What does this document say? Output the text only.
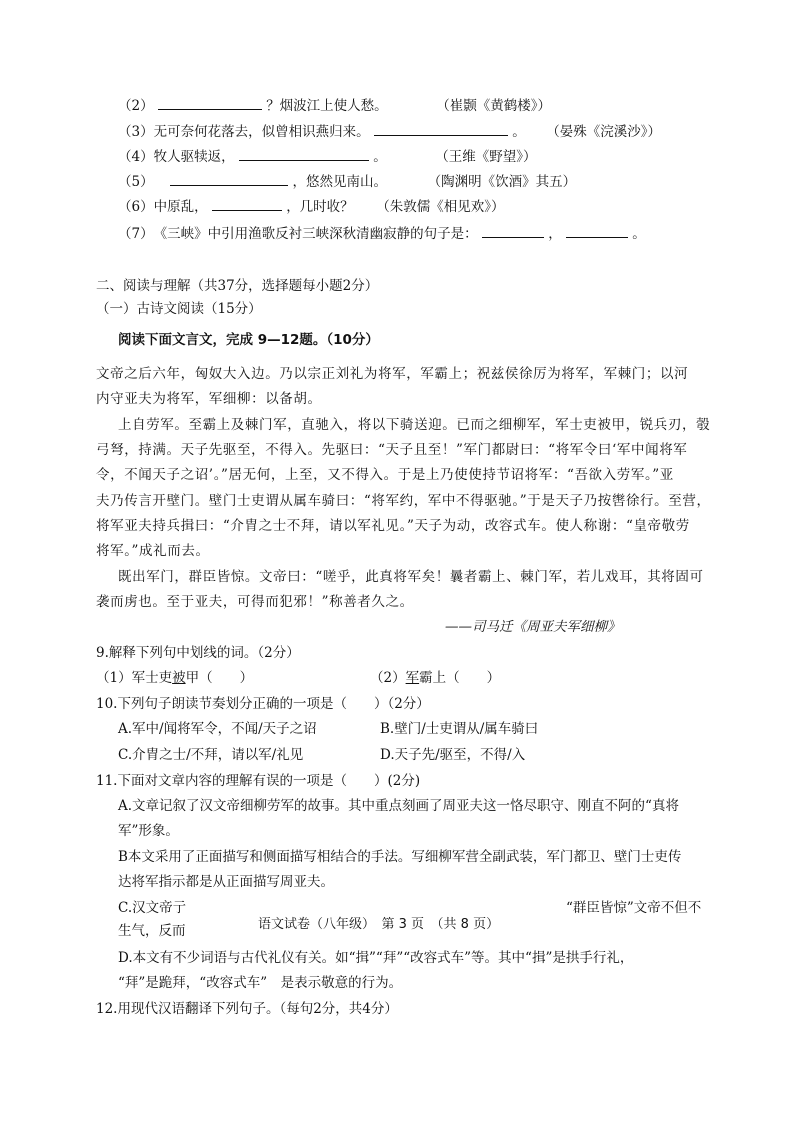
（2）	？烟波江上使人愁。	（崔颢《黄鹤楼》）
（3）无可奈何花落去，似曾相识燕归来。	。 （晏殊《浣溪沙》）
（4）牧人驱犊返，	。	（王维《野望》）
（5）	，悠然见南山。	（陶渊明《饮酒》其五）
（6）中原乱，	，几时收？ （朱敦儒《相见欢》）
（7）　《三峡》中引用渔歌反衬三峡深秋清幽寂静的句子是：	，	。
二、阅读与理解（共37分，选择题每小题2分）
（一）古诗文阅读（15分）
阅读下面文言文，完成 9—12题。（10分）
文帝之后六年，匈奴大入边。乃以宗正刘礼为将军，军霸上；祝兹侯徐厉为将军，军棘门；以河
内守亚夫为将军，军细柳：以备胡。
上自劳军。至霸上及棘门军，直驰入，将以下骑送迎。已而之细柳军，军士吏被甲，锐兵刃，彀
弓弩，持满。天子先驱至，不得入。先驱曰：“天子且至！”军门都尉曰：“将军令曰‘军中闻将军
令，不闻天子之诏’。”居无何，上至，又不得入。于是上乃使使持节诏将军：“吾欲入劳军。”亚
夫乃传言开壁门。壁门士吏谓从属车骑曰：“将军约，军中不得驱驰。”于是天子乃按辔徐行。至营，
将军亚夫持兵揖曰：“介胄之士不拜，请以军礼见。”天子为动，改容式车。使人称谢：“皇帝敬劳
将军。”成礼而去。
既出军门，群臣皆惊。文帝曰：“嗟乎，此真将军矣！曩者霸上、棘门军，若儿戏耳，其将固可
袭而虏也。至于亚夫，可得而犯邪！”称善者久之。
——司马迁《周亚夫军细柳》
9.解释下列句中划线的词。（2分）
（1）军士吏被甲（　　）	（2）军霸上（　　）
10.下列句子朗读节奏划分正确的一项是（　　）（2分）
A.军中/闻将军令，不闻/天子之诏	B.壁门/士吏谓从/属车骑曰
C.介胄之士/不拜，请以军/礼见	D.天子先/驱至，不得/入
11.下面对文章内容的理解有误的一项是（　　）(2分)
A.文章记叙了汉文帝细柳劳军的故事。其中重点刻画了周亚夫这一恪尽职守、刚直不阿的“真将
军”形象。
B本文采用了正面描写和侧面描写相结合的手法。写细柳军营全副武装，军门都卫、壁门士吏传
达将军指示都是从正面描写周亚夫。
C.汉文帝亍	“群臣皆惊”文帝不但不
生气，反而	语文试卷（八年级）　第 3 页　（共 8 页）
D.本文有不少词语与古代礼仪有关。如“揖”“拜”“改容式车”等。其中“揖”是拱手行礼，
“拜”是跪拜，“改容式车”　是表示敬意的行为。
12.用现代汉语翻译下列句子。（每句2分，共4分）
